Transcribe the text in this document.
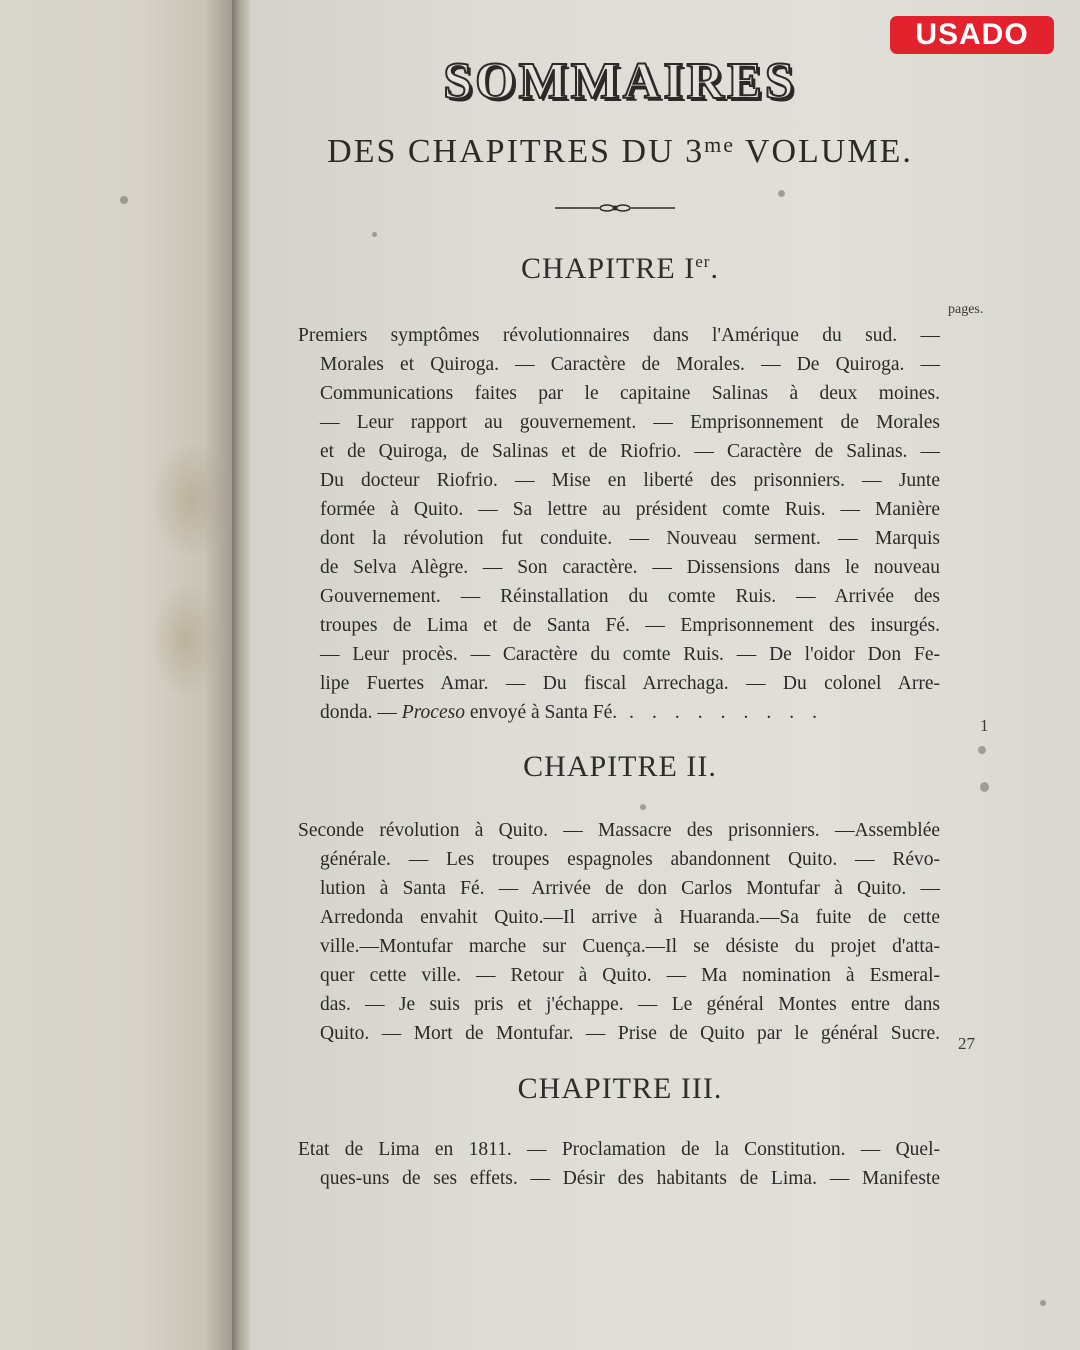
USADO
SOMMAIRES
DES CHAPITRES DU $3^{me}$ VOLUME.
CHAPITRE Ier.
pages.
Premiers symptômes révolutionnaires dans l'Amérique du sud. —
Morales et Quiroga. — Caractère de Morales. — De Quiroga. —
Communications faites par le capitaine Salinas à deux moines.
— Leur rapport au gouvernement. — Emprisonnement de Morales
et de Quiroga, de Salinas et de Riofrio. — Caractère de Salinas. —
Du docteur Riofrio. — Mise en liberté des prisonniers. — Junte
formée à Quito. — Sa lettre au président comte Ruis. — Manière
dont la révolution fut conduite. — Nouveau serment. — Marquis
de Selva Alègre. — Son caractère. — Dissensions dans le nouveau
Gouvernement. — Réinstallation du comte Ruis. — Arrivée des
troupes de Lima et de Santa Fé. — Emprisonnement des insurgés.
— Leur procès. — Caractère du comte Ruis. — De l'oidor Don Fe-
lipe Fuertes Amar. — Du fiscal Arrechaga. — Du colonel Arre-
donda. — Proceso envoyé à Santa Fé. .........
1
CHAPITRE II.
Seconde révolution à Quito. — Massacre des prisonniers. —Assemblée
générale. — Les troupes espagnoles abandonnent Quito. — Révo-
lution à Santa Fé. — Arrivée de don Carlos Montufar à Quito. —
Arredonda envahit Quito.—Il arrive à Huaranda.—Sa fuite de cette
ville.—Montufar marche sur Cuença.—Il se désiste du projet d'atta-
quer cette ville. — Retour à Quito. — Ma nomination à Esmeral-
das. — Je suis pris et j'échappe. — Le général Montes entre dans
Quito. — Mort de Montufar. — Prise de Quito par le général Sucre. 27
CHAPITRE III.
Etat de Lima en 1811. — Proclamation de la Constitution. — Quel-
ques-uns de ses effets. — Désir des habitants de Lima. — Manifeste
